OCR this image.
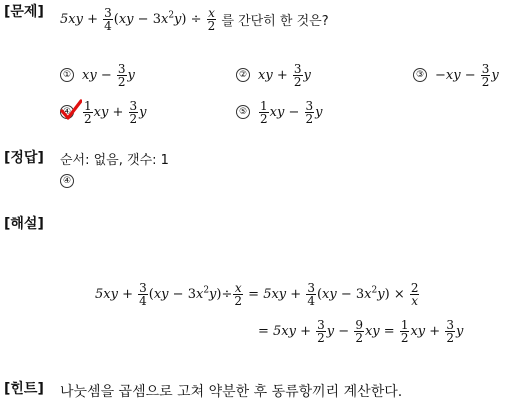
[문제]
[정답]
[해설]
[힌트]
$5xy + \frac{3}{4} (xy - 3x^2y) \div \frac{x}{2}$
를 간단히 한 것은?
① xy − $\frac{3}{2}$ y	② xy + $\frac{3}{2}$ y	③ − xy − $\frac{3}{2}$ y
④ $\frac{1}{2}$ xy + $\frac{3}{2}$ y	⑤ $\frac{1}{2}$ xy − $\frac{3}{2}$ y
순서: 없음, 갯수: 1
④
$5xy + \frac{3}{4} (xy - 3x^2y) \div \frac{x}{2} = 5xy + \frac{3}{4} (xy - 3x^2y) \times \frac{2}{x}$
= $5xy + \frac{3}{2}$ $y - \frac{9}{2}$ xy = $\frac{1}{2}$ xy + $\frac{3}{2}$ y
나눗셈을 곱셈으로 고쳐 약분한 후 동류항끼리 계산한다.
